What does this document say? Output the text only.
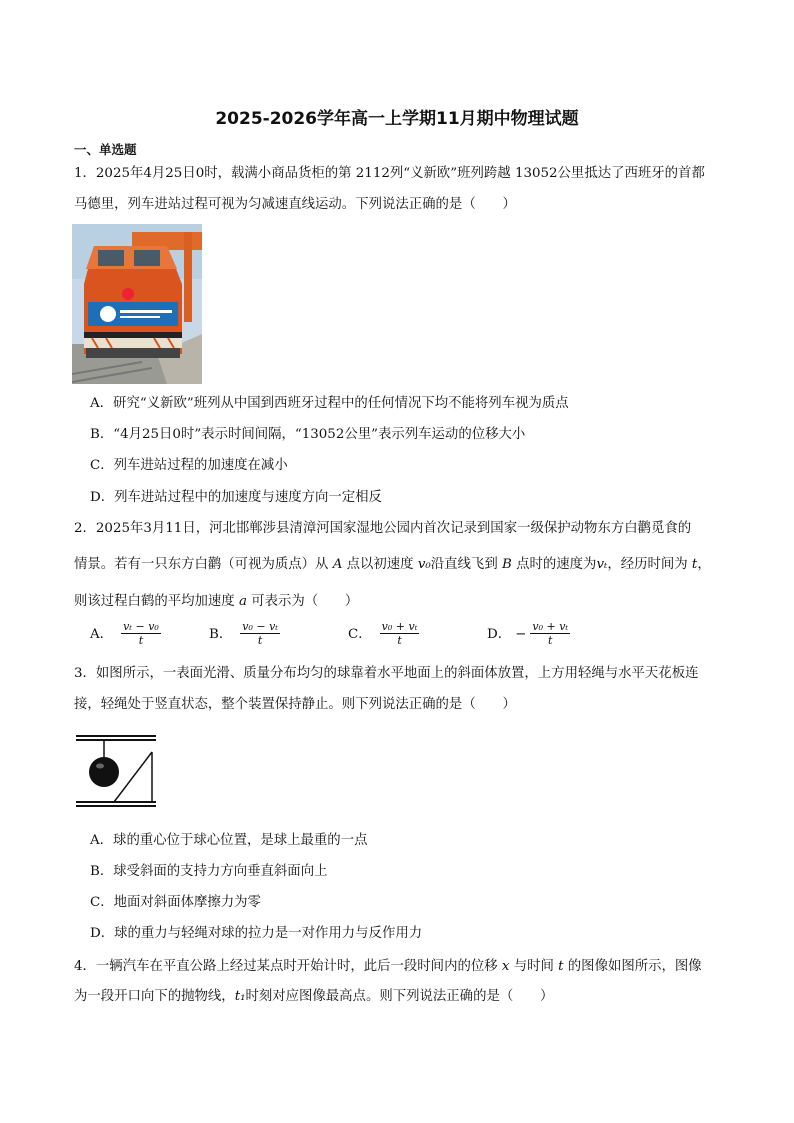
2025-2026学年高一上学期11月期中物理试题
一、单选题
1．2025年4月25日0时，载满小商品货柜的第 2112列“义新欧”班列跨越 13052公里抵达了西班牙的首都
马德里，列车进站过程可视为匀减速直线运动。下列说法正确的是（　　）
A．研究“义新欧”班列从中国到西班牙过程中的任何情况下均不能将列车视为质点
B．“4月25日0时”表示时间间隔，“13052公里”表示列车运动的位移大小
C．列车进站过程的加速度在减小
D．列车进站过程中的加速度与速度方向一定相反
2．2025年3月11日，河北邯郸涉县清漳河国家湿地公园内首次记录到国家一级保护动物东方白鹳觅食的
情景。若有一只东方白鹳（可视为质点）从 A 点以初速度 v₀沿直线飞到 B 点时的速度为vₜ，经历时间为 t，
则该过程白鹤的平均加速度 a 可表示为（　　）
A． $\frac{\text{vₜ − v₀}}{t}$	B． $\frac{\text{v₀ − vₜ}}{t}$	C． $\frac{\text{v₀ + vₜ}}{t}$	D． − $\frac{\text{v₀ + vₜ}}{t}$
3．如图所示，一表面光滑、质量分布均匀的球靠着水平地面上的斜面体放置，上方用轻绳与水平天花板连
接，轻绳处于竖直状态，整个装置保持静止。则下列说法正确的是（　　）
A．球的重心位于球心位置，是球上最重的一点
B．球受斜面的支持力方向垂直斜面向上
C．地面对斜面体摩擦力为零
D．球的重力与轻绳对球的拉力是一对作用力与反作用力
4．一辆汽车在平直公路上经过某点时开始计时，此后一段时间内的位移 x 与时间 t 的图像如图所示，图像
为一段开口向下的抛物线，t₁时刻对应图像最高点。则下列说法正确的是（　　）
